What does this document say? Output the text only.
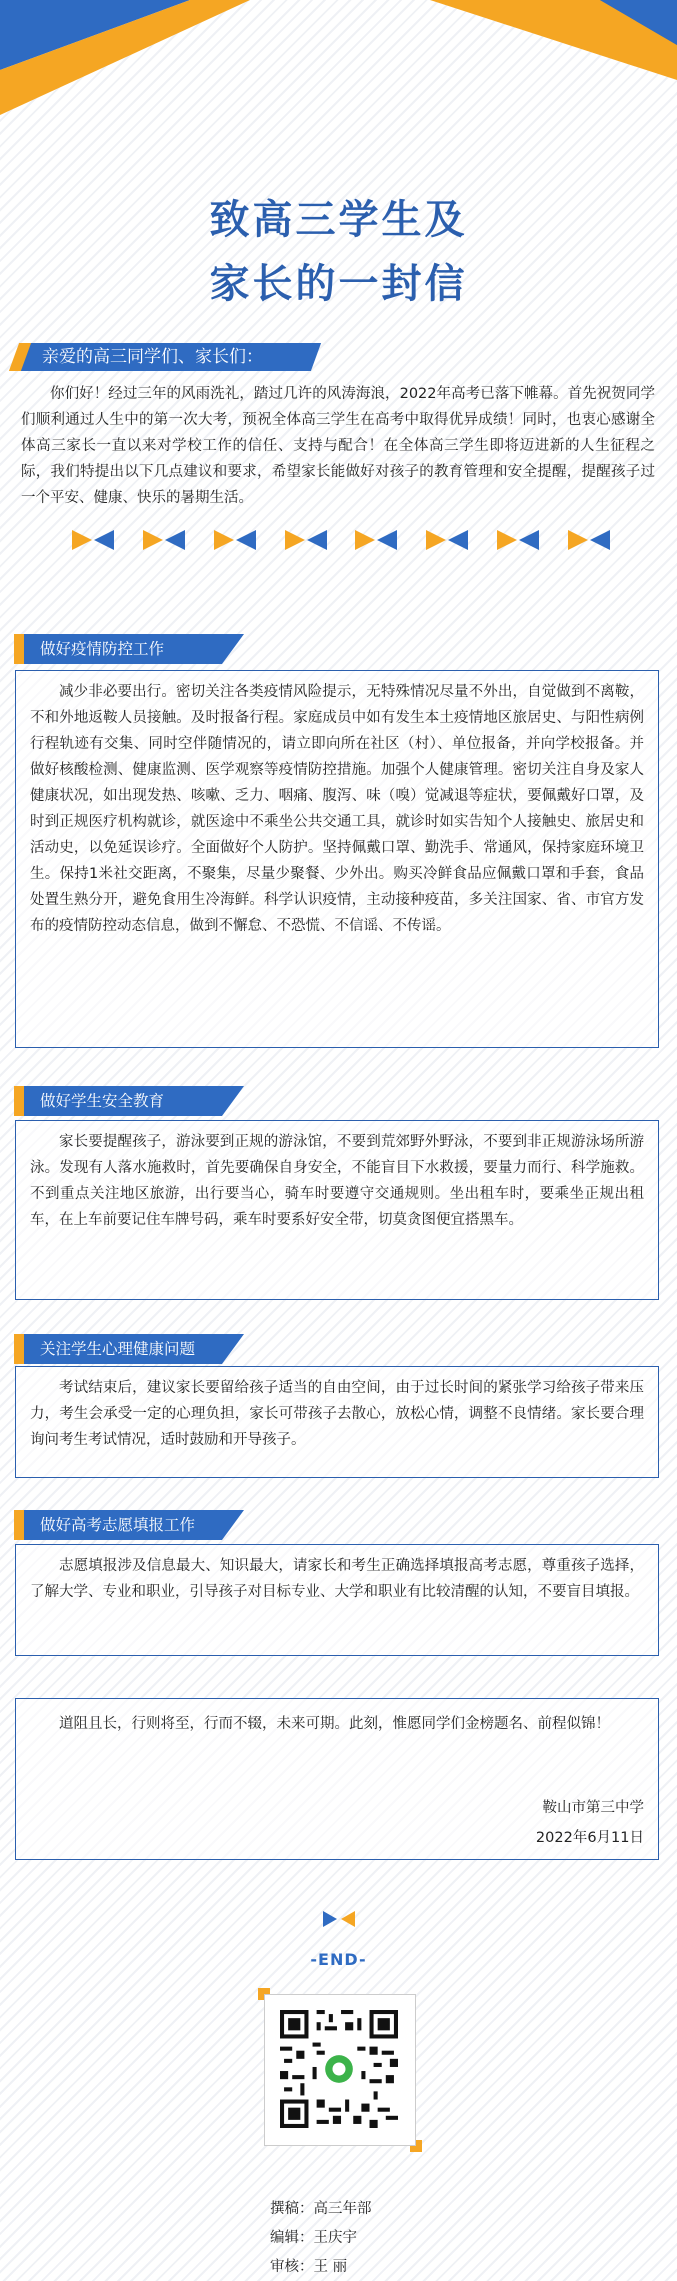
致高三学生及
家长的一封信
亲爱的高三同学们、家长们：
你们好！经过三年的风雨洗礼，踏过几许的风涛海浪，2022年高考已落下帷幕。首先祝贺同学们顺利通过人生中的第一次大考，预祝全体高三学生在高考中取得优异成绩！同时，也衷心感谢全体高三家长一直以来对学校工作的信任、支持与配合！在全体高三学生即将迈进新的人生征程之际，我们特提出以下几点建议和要求，希望家长能做好对孩子的教育管理和安全提醒，提醒孩子过一个平安、健康、快乐的暑期生活。
做好疫情防控工作
减少非必要出行。密切关注各类疫情风险提示，无特殊情况尽量不外出，自觉做到不离鞍，不和外地返鞍人员接触。及时报备行程。家庭成员中如有发生本土疫情地区旅居史、与阳性病例行程轨迹有交集、同时空伴随情况的，请立即向所在社区（村）、单位报备，并向学校报备。并做好核酸检测、健康监测、医学观察等疫情防控措施。加强个人健康管理。密切关注自身及家人健康状况，如出现发热、咳嗽、乏力、咽痛、腹泻、味（嗅）觉减退等症状，要佩戴好口罩，及时到正规医疗机构就诊，就医途中不乘坐公共交通工具，就诊时如实告知个人接触史、旅居史和活动史，以免延误诊疗。全面做好个人防护。坚持佩戴口罩、勤洗手、常通风，保持家庭环境卫生。保持1米社交距离，不聚集，尽量少聚餐、少外出。购买冷鲜食品应佩戴口罩和手套，食品处置生熟分开，避免食用生冷海鲜。科学认识疫情，主动接种疫苗，多关注国家、省、市官方发布的疫情防控动态信息，做到不懈怠、不恐慌、不信谣、不传谣。
做好学生安全教育
家长要提醒孩子，游泳要到正规的游泳馆，不要到荒郊野外野泳，不要到非正规游泳场所游泳。发现有人落水施救时，首先要确保自身安全，不能盲目下水救援，要量力而行、科学施救。不到重点关注地区旅游，出行要当心，骑车时要遵守交通规则。坐出租车时，要乘坐正规出租车，在上车前要记住车牌号码，乘车时要系好安全带，切莫贪图便宜搭黑车。
关注学生心理健康问题
考试结束后，建议家长要留给孩子适当的自由空间，由于过长时间的紧张学习给孩子带来压力，考生会承受一定的心理负担，家长可带孩子去散心，放松心情，调整不良情绪。家长要合理询问考生考试情况，适时鼓励和开导孩子。
做好高考志愿填报工作
志愿填报涉及信息最大、知识最大，请家长和考生正确选择填报高考志愿，尊重孩子选择，了解大学、专业和职业，引导孩子对目标专业、大学和职业有比较清醒的认知，不要盲目填报。
道阻且长，行则将至，行而不辍，未来可期。此刻，惟愿同学们金榜题名、前程似锦！
鞍山市第三中学
2022年6月11日
-END-
撰稿：高三年部
编辑：王庆宇
审核：王 丽
